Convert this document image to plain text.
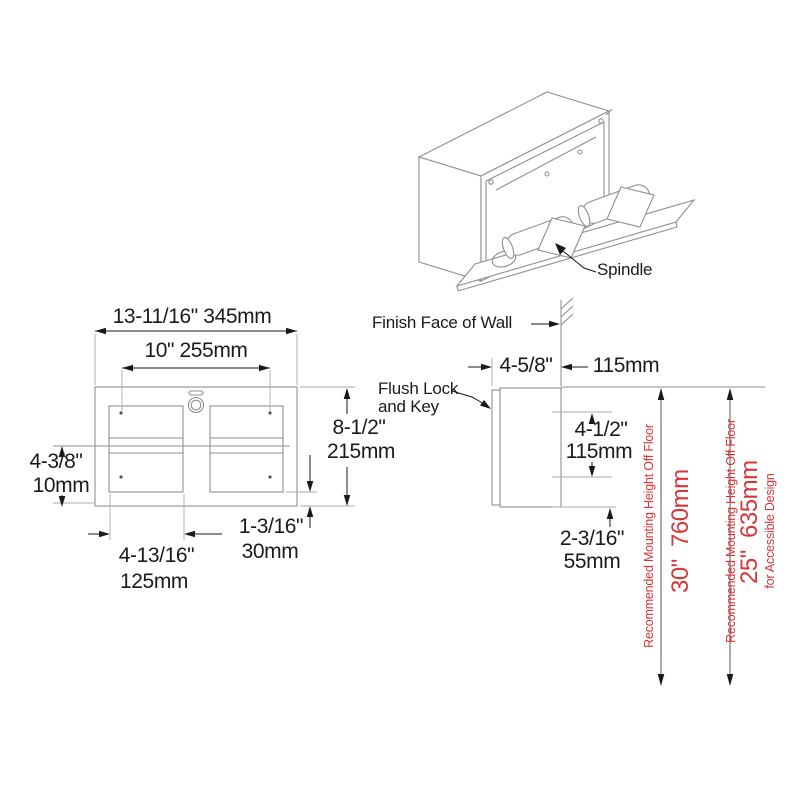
Spindle
13-11/16" 345mm
10" 255mm
8-1/2"
215mm
4-3/8"
10mm
1-3/16"
30mm
4-13/16"
125mm
Finish Face of Wall
Flush Lock
and Key
4-5/8"	115mm
4-1/2"
115mm
2-3/16"
55mm	Recommended Mounting Height Off Floor 30"  760mm

Recommended Mounting Height Off Floor

for Accessible Design

25"  635mm
